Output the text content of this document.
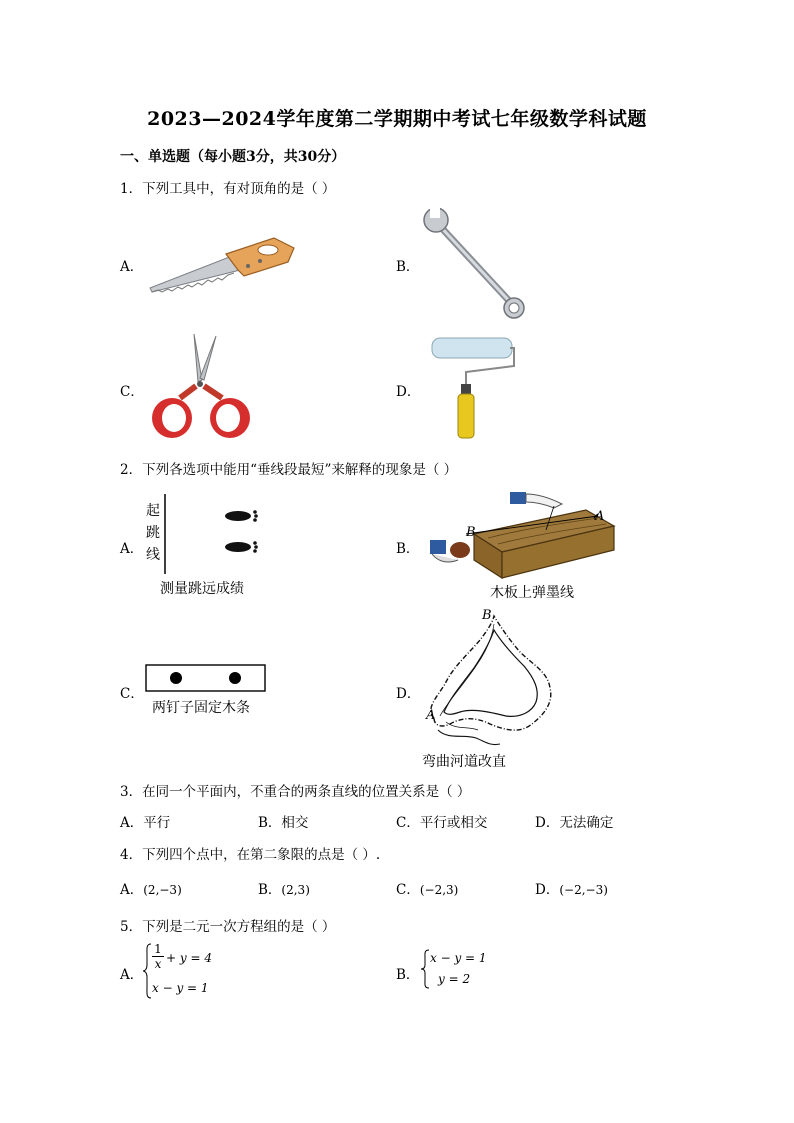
2023—2024学年度第二学期期中考试七年级数学科试题
一、单选题（每小题3分，共30分）
1．下列工具中，有对顶角的是（ ）
A．	B．
C．	D．
2．下列各选项中能用“垂线段最短”来解释的现象是（ ）
A．
起
跳
线
测量跳远成绩
B．
B
A
木板上弹墨线
C．
两钉子固定木条
D．
B
A
弯曲河道改直
3．在同一个平面内，不重合的两条直线的位置关系是（ ）
A．平行	B．相交	C．平行或相交	D．无法确定
4．下列四个点中，在第二象限的点是（ ）.
A．(2,−3)	B．(2,3)	C．(−2,3)	D．(−2,−3)
5．下列是二元一次方程组的是（ ）
A．
1
x + y = 4
x − y = 1
B．
x − y = 1
y = 2
